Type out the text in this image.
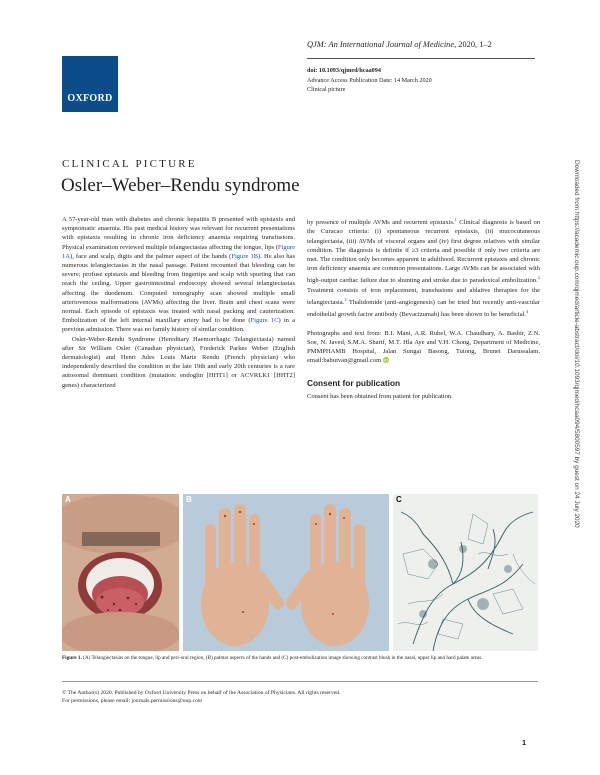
OXFORD
QJM: An International Journal of Medicine, 2020, 1–2
doi: 10.1093/qjmed/hcaa094
Advance Access Publication Date: 14 March 2020
Clinical picture
CLINICAL PICTURE
Osler–Weber–Rendu syndrome	Downloaded from https://academic.oup.com/qjmed/article-abstract/doi/10.1093/qjmed/hcaa094/5800597 by guest on 24 July 2020

A 57-year-old man with diabetes and chronic hepatitis B presented with epistaxis and symptomatic anaemia. His past medical history was relevant for recurrent presentations with epistaxis resulting in chronic iron deficiency anaemia requiring transfusions. Physical examination reviewed multiple telangiectasias affecting the tongue, lips (Figure 1A), face and scalp, digits and the palmer aspect of the hands (Figure 1B). He also has numerous telangiectasias in the nasal passage. Patient recounted that bleeding can be severe; profuse epistaxis and bleeding from fingertips and scalp with spurting that can reach the ceiling. Upper gastrointestinal endoscopy showed several telangiectasias affecting the duodenum. Computed tomography scan showed multiple small arteriovenous malformations (AVMs) affecting the liver. Brain and chest scans were normal. Each episode of epistaxis was treated with nasal packing and cauterization. Embolization of the left internal maxillary artery had to be done (Figure 1C) in a previous admission. There was no family history of similar condition.

Osler-Weber-Rendu Syndrome (Hereditary Haemorrhagic Telangiectasia) named after Sir William Osler (Canadian physician), Frederick Parkes Weber (English dermatologist) and Henri Jules Louis Marie Rendu (French physician) who independently described the condition in the late 19th and early 20th centuries is a rare autosomal dominant condition (mutation: endoglin [HHT1] or ACVRLK1 [HHT2] genes) characterized

by presence of multiple AVMs and recurrent epistaxis.$^1$ Clinical diagnosis is based on the Curacao criteria: (i) spontaneous recurrent epistaxis, (ii) mucocutaneous telangiectasia, (iii) AVMs of visceral organs and (iv) first degree relatives with similar condition. The diagnosis is definite if ≥3 criteria and possible if only two criteria are met. The condition only becomes apparent in adulthood. Recurrent epistaxis and chronic iron deficiency anaemia are common presentations. Large AVMs can be associated with high-output cardiac failure due to shunting and stroke due to paradoxical embolization.$^2$ Treatment consists of iron replacement, transfusions and ablative therapies for the telangiectasia.$^3$ Thalidomide (anti-angiogenesis) can be tried but recently anti-vascular endothelial growth factor antibody (Bevacizumab) has been shown to be beneficial.$^4$

Photographs and text from: B.I. Mani, A.R. Rubel, W.A. Chaudhary, A. Bashir, Z.N. Soe, N. Javed, S.M.A. Sharif, M.T. Hla Aye and V.H. Chong, Department of Medicine, PMMPHAMB Hospital, Jalan Sungai Basong, Tutong, Brunei Darussalam. email:babuivan@gmail.com iD

Consent for publication

Consent has been obtained from patient for publication.

A	B	C
Figure 1. (A) Telangiectasias on the tongue, lip and peri-oral region, (B) palmar aspects of the hands and (C) post-embolization image showing contrast blush in the nasal, upper lip and hard palate areas.
© The Author(s) 2020. Published by Oxford University Press on behalf of the Association of Physicians. All rights reserved.
For permissions, please email: journals.permissions@oup.com
1
